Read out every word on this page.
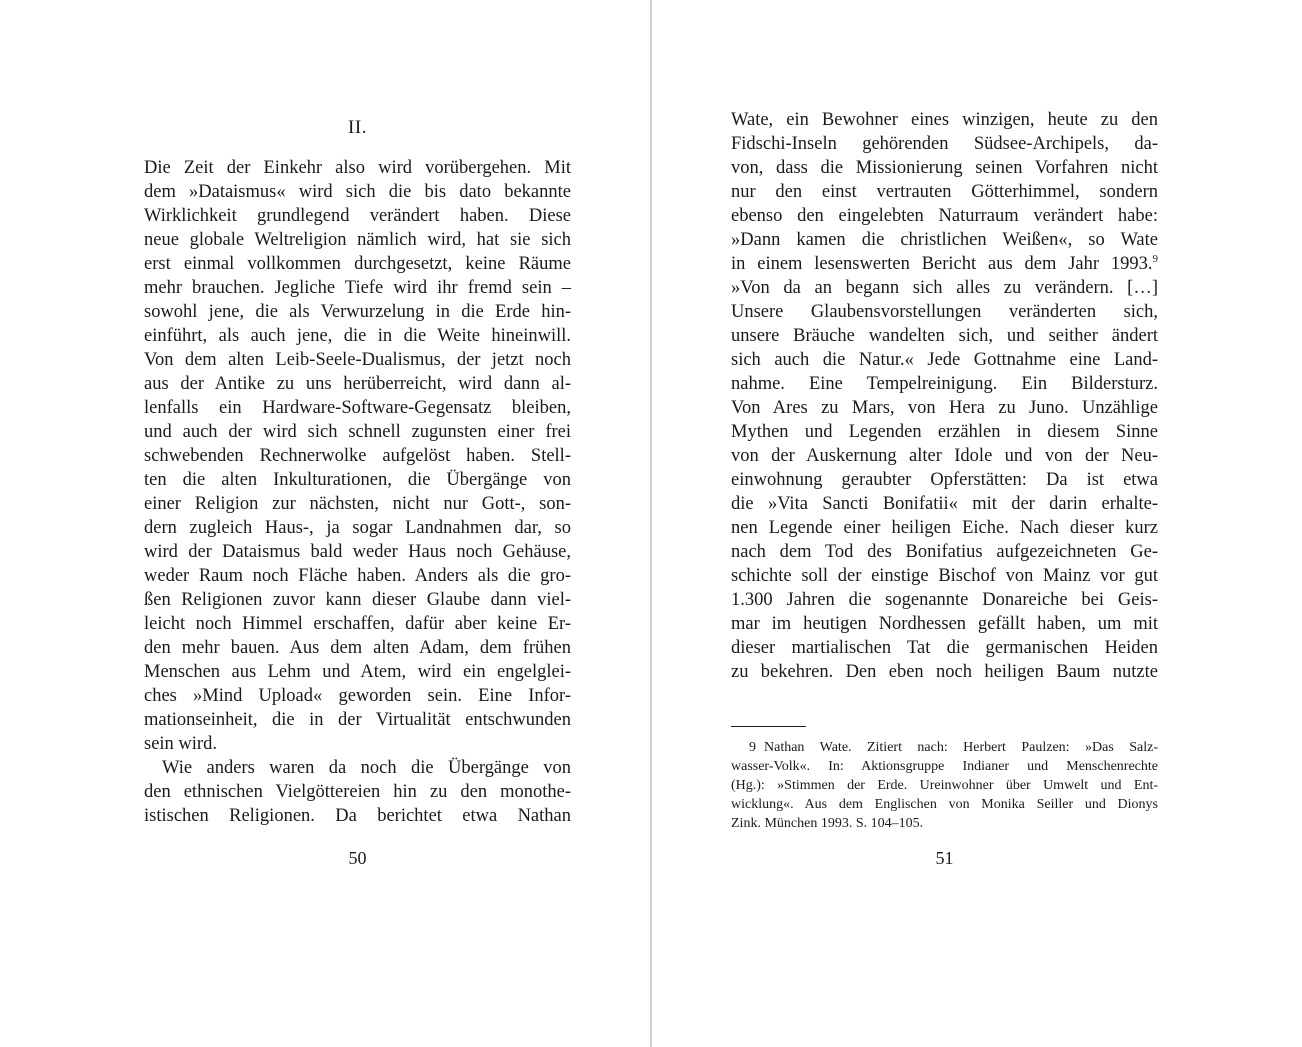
II.
Die Zeit der Einkehr also wird vorübergehen. Mit
dem »Dataismus« wird sich die bis dato bekannte
Wirklichkeit grundlegend verändert haben. Diese
neue globale Weltreligion nämlich wird, hat sie sich
erst einmal vollkommen durchgesetzt, keine Räume
mehr brauchen. Jegliche Tiefe wird ihr fremd sein –
sowohl jene, die als Verwurzelung in die Erde hin-
einführt, als auch jene, die in die Weite hineinwill.
Von dem alten Leib-Seele-Dualismus, der jetzt noch
aus der Antike zu uns herüberreicht, wird dann al-
lenfalls ein Hardware-Software-Gegensatz bleiben,
und auch der wird sich schnell zugunsten einer frei
schwebenden Rechnerwolke aufgelöst haben. Stell-
ten die alten Inkulturationen, die Übergänge von
einer Religion zur nächsten, nicht nur Gott-, son-
dern zugleich Haus-, ja sogar Landnahmen dar, so
wird der Dataismus bald weder Haus noch Gehäuse,
weder Raum noch Fläche haben. Anders als die gro-
ßen Religionen zuvor kann dieser Glaube dann viel-
leicht noch Himmel erschaffen, dafür aber keine Er-
den mehr bauen. Aus dem alten Adam, dem frühen
Menschen aus Lehm und Atem, wird ein engelglei-
ches »Mind Upload« geworden sein. Eine Infor-
mationseinheit, die in der Virtualität entschwunden
sein wird.
Wie anders waren da noch die Übergänge von
den ethnischen Vielgöttereien hin zu den monothe-
istischen Religionen. Da berichtet etwa Nathan
50
Wate, ein Bewohner eines winzigen, heute zu den
Fidschi-Inseln gehörenden Südsee-Archipels, da-
von, dass die Missionierung seinen Vorfahren nicht
nur den einst vertrauten Götterhimmel, sondern
ebenso den eingelebten Naturraum verändert habe:
»Dann kamen die christlichen Weißen«, so Wate
in einem lesenswerten Bericht aus dem Jahr 1993.$^9$
»Von da an begann sich alles zu verändern. […]
Unsere Glaubensvorstellungen veränderten sich,
unsere Bräuche wandelten sich, und seither ändert
sich auch die Natur.« Jede Gottnahme eine Land-
nahme. Eine Tempelreinigung. Ein Bildersturz.
Von Ares zu Mars, von Hera zu Juno. Unzählige
Mythen und Legenden erzählen in diesem Sinne
von der Auskernung alter Idole und von der Neu-
einwohnung geraubter Opferstätten: Da ist etwa
die »Vita Sancti Bonifatii« mit der darin erhalte-
nen Legende einer heiligen Eiche. Nach dieser kurz
nach dem Tod des Bonifatius aufgezeichneten Ge-
schichte soll der einstige Bischof von Mainz vor gut
1.300 Jahren die sogenannte Donareiche bei Geis-
mar im heutigen Nordhessen gefällt haben, um mit
dieser martialischen Tat die germanischen Heiden
zu bekehren. Den eben noch heiligen Baum nutzte
9 Nathan Wate. Zitiert nach: Herbert Paulzen: »Das Salz-
wasser-Volk«. In: Aktionsgruppe Indianer und Menschenrechte
(Hg.): »Stimmen der Erde. Ureinwohner über Umwelt und Ent-
wicklung«. Aus dem Englischen von Monika Seiller und Dionys
Zink. München 1993. S. 104–105.
51
